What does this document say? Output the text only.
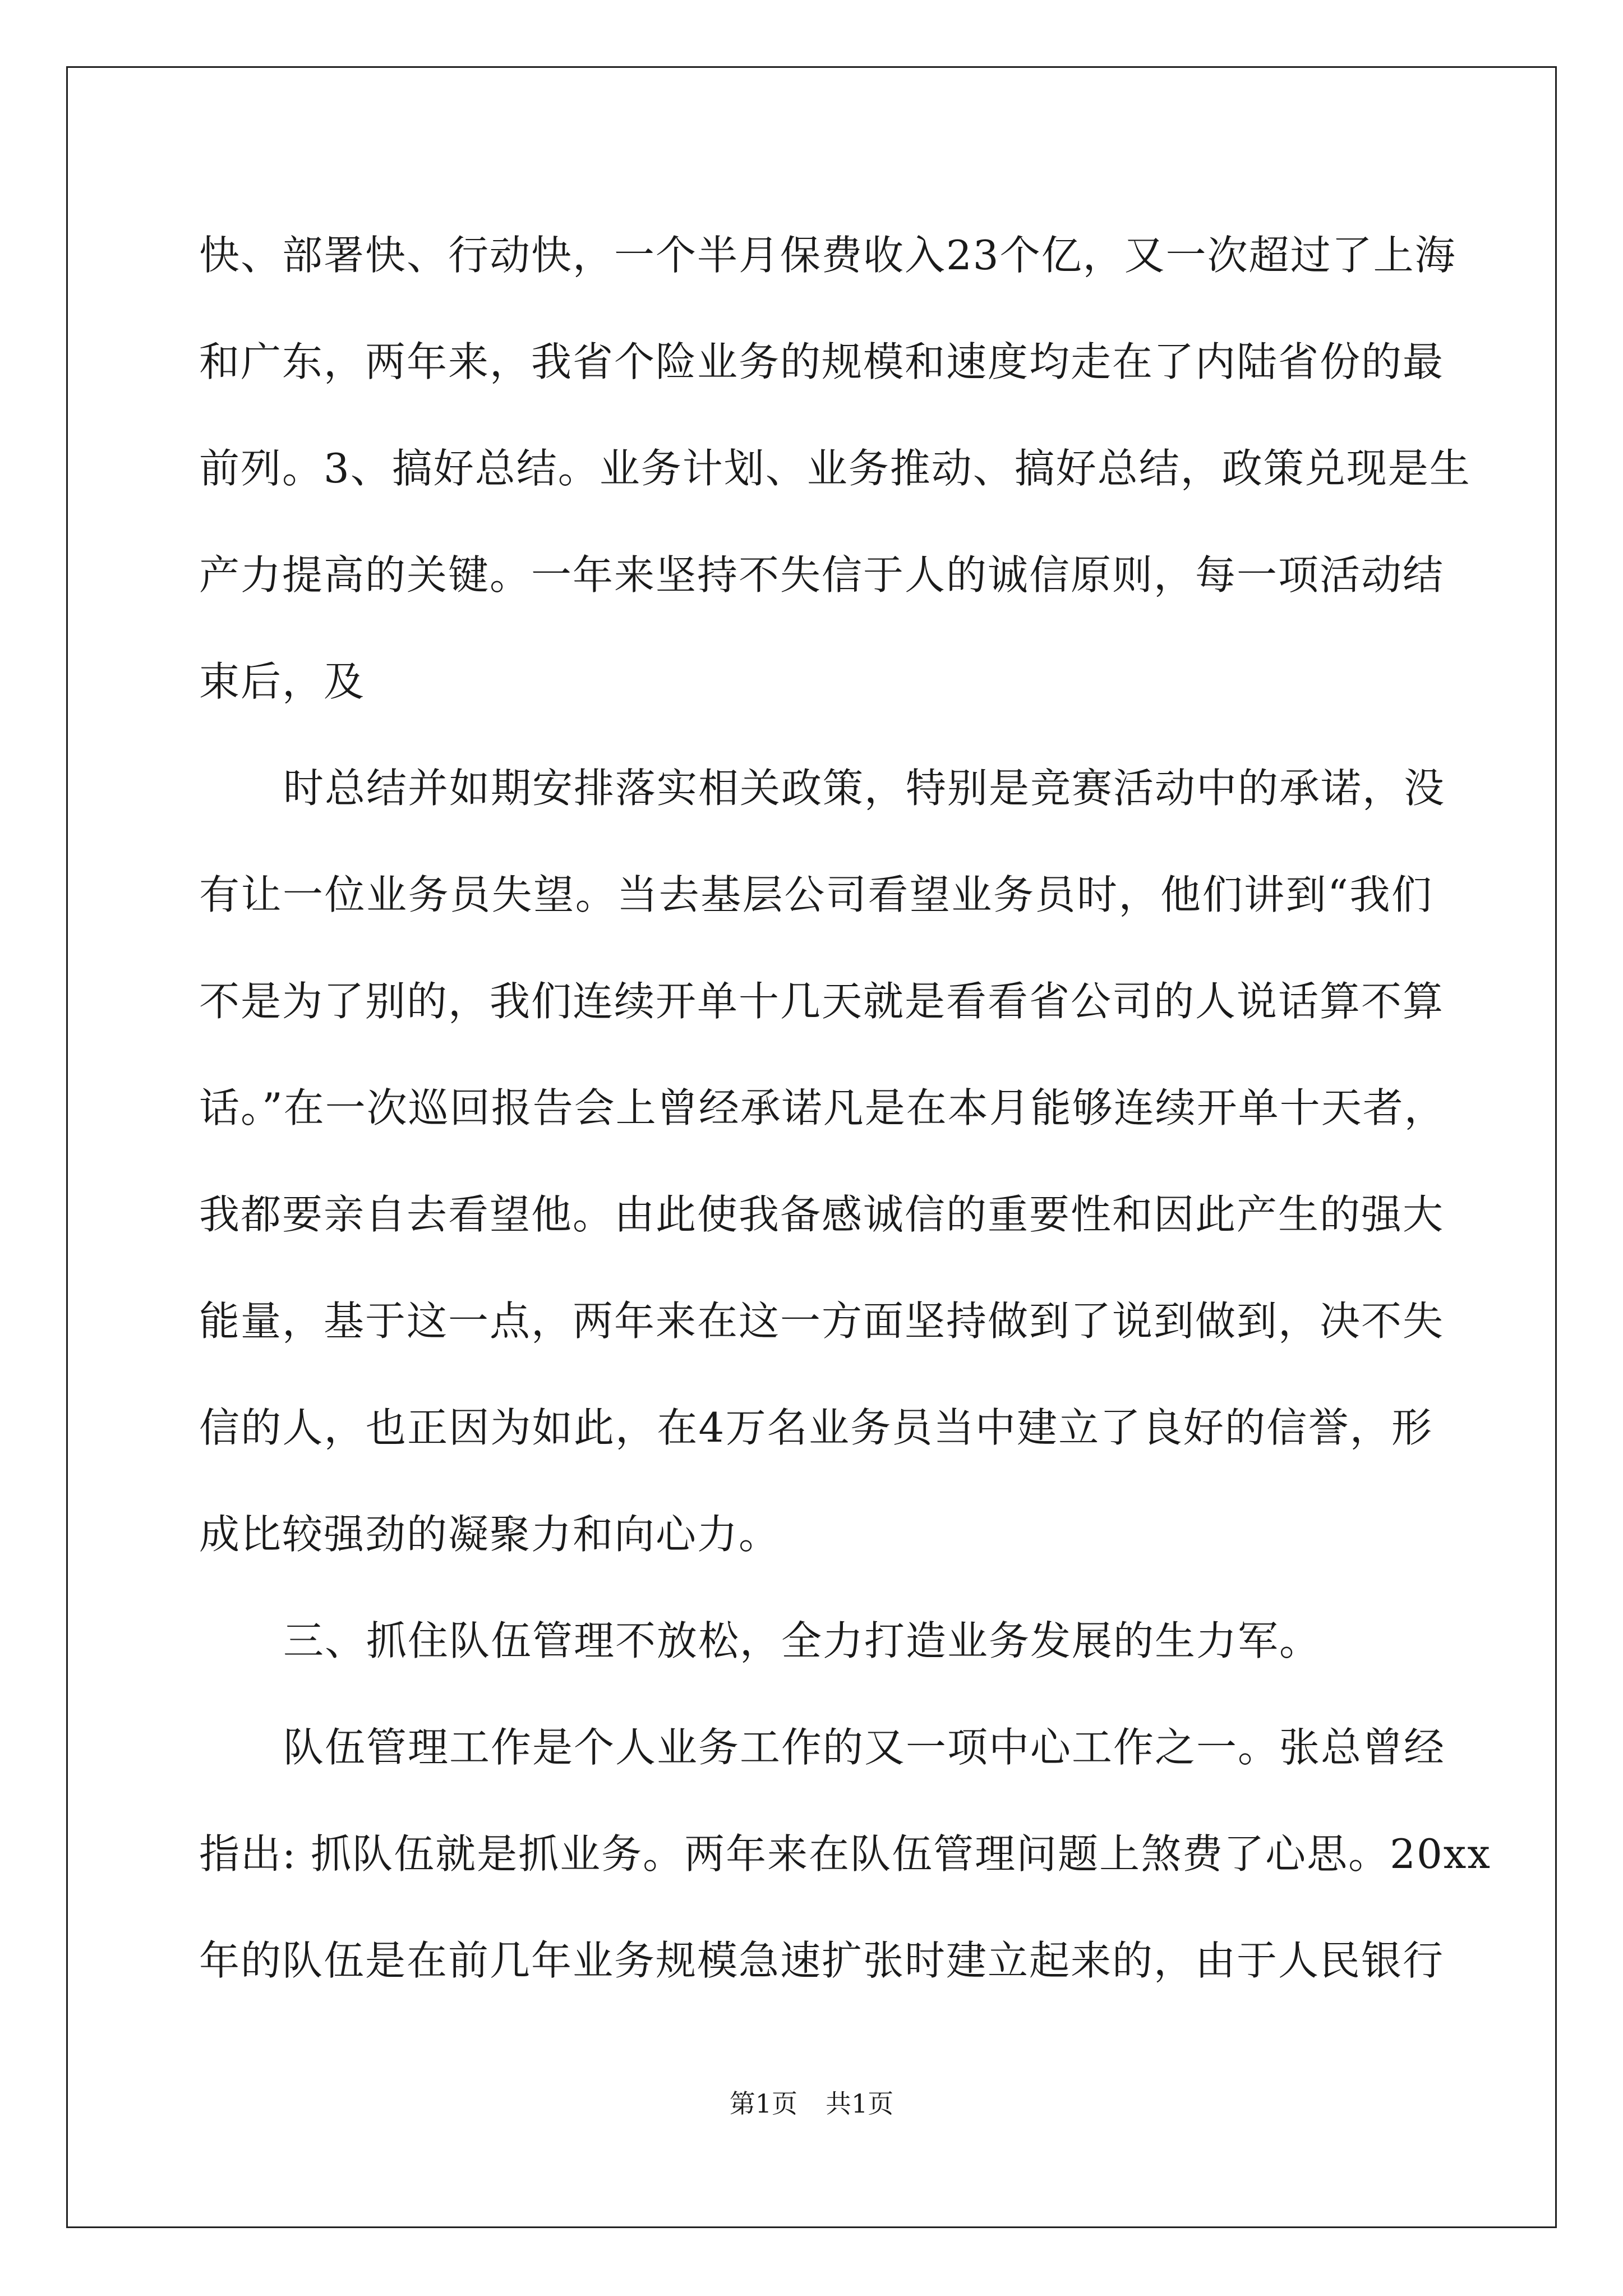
快、部署快、行动快，一个半月保费收入23个亿，又一次超过了上海
和广东，两年来，我省个险业务的规模和速度均走在了内陆省份的最
前列。3、搞好总结。业务计划、业务推动、搞好总结，政策兑现是生
产力提高的关键。一年来坚持不失信于人的诚信原则，每一项活动结
束后，及
时总结并如期安排落实相关政策，特别是竞赛活动中的承诺，没
有让一位业务员失望。当去基层公司看望业务员时，他们讲到“我们
不是为了别的，我们连续开单十几天就是看看省公司的人说话算不算
话。”在一次巡回报告会上曾经承诺凡是在本月能够连续开单十天者，
我都要亲自去看望他。由此使我备感诚信的重要性和因此产生的强大
能量，基于这一点，两年来在这一方面坚持做到了说到做到，决不失
信的人，也正因为如此，在4万名业务员当中建立了良好的信誉，形
成比较强劲的凝聚力和向心力。
三、抓住队伍管理不放松，全力打造业务发展的生力军。
队伍管理工作是个人业务工作的又一项中心工作之一。张总曾经
指出: 抓队伍就是抓业务。两年来在队伍管理问题上煞费了心思。20xx
年的队伍是在前几年业务规模急速扩张时建立起来的，由于人民银行
第1页 共1页
